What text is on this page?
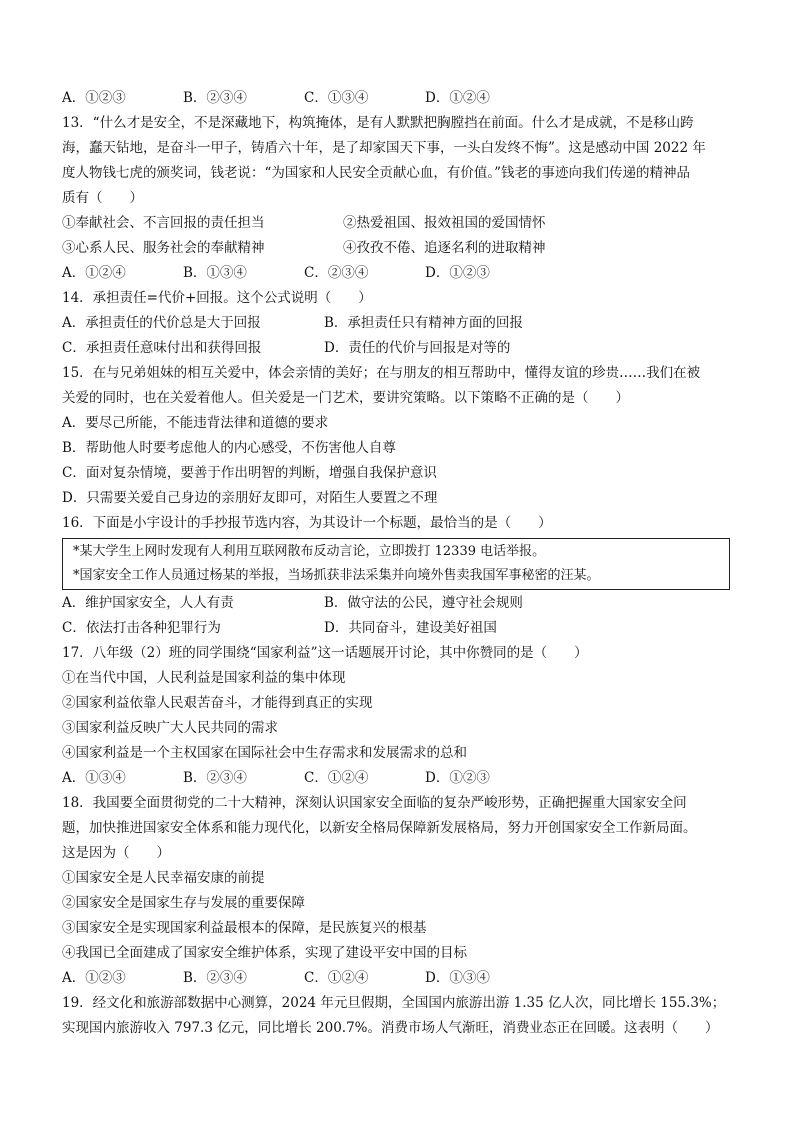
A．①②③	B．②③④	C．①③④	D．①②④
13．“什么才是安全，不是深藏地下，构筑掩体，是有人默默把胸膛挡在前面。什么才是成就，不是移山跨
海，蠢天钻地，是奋斗一甲子，铸盾六十年，是了却家国天下事，一头白发终不悔”。这是感动中国 2022 年
度人物钱七虎的颁奖词，钱老说：“为国家和人民安全贡献心血，有价值。”钱老的事迹向我们传递的精神品
质有（　　）
①奉献社会、不言回报的责任担当	②热爱祖国、报效祖国的爱国情怀
③心系人民、服务社会的奉献精神	④孜孜不倦、追逐名利的进取精神
A．①②④	B．①③④	C．②③④	D．①②③
14．承担责任=代价+回报。这个公式说明（　　）
A．承担责任的代价总是大于回报	B．承担责任只有精神方面的回报
C．承担责任意味付出和获得回报	D．责任的代价与回报是对等的
15．在与兄弟姐妹的相互关爱中，体会亲情的美好；在与朋友的相互帮助中，懂得友谊的珍贵……我们在被
关爱的同时，也在关爱着他人。但关爱是一门艺术，要讲究策略。以下策略不正确的是（　　）
A．要尽己所能，不能违背法律和道德的要求
B．帮助他人时要考虑他人的内心感受，不伤害他人自尊
C．面对复杂情境，要善于作出明智的判断，增强自我保护意识
D．只需要关爱自己身边的亲朋好友即可，对陌生人要置之不理
16．下面是小宇设计的手抄报节选内容，为其设计一个标题，最恰当的是（　　）
*某大学生上网时发现有人利用互联网散布反动言论，立即拨打 12339 电话举报。
*国家安全工作人员通过杨某的举报，当场抓获非法采集并向境外售卖我国军事秘密的汪某。
A．维护国家安全，人人有责	B．做守法的公民，遵守社会规则
C．依法打击各种犯罪行为	D．共同奋斗，建设美好祖国
17．八年级（2）班的同学围绕“国家利益”这一话题展开讨论，其中你赞同的是（　　）
①在当代中国，人民利益是国家利益的集中体现
②国家利益依靠人民艰苦奋斗，才能得到真正的实现
③国家利益反映广大人民共同的需求
④国家利益是一个主权国家在国际社会中生存需求和发展需求的总和
A．①③④	B．②③④	C．①②④	D．①②③
18．我国要全面贯彻党的二十大精神，深刻认识国家安全面临的复杂严峻形势，正确把握重大国家安全问
题，加快推进国家安全体系和能力现代化，以新安全格局保障新发展格局，努力开创国家安全工作新局面。
这是因为（　　）
①国家安全是人民幸福安康的前提
②国家安全是国家生存与发展的重要保障
③国家安全是实现国家利益最根本的保障，是民族复兴的根基
④我国已全面建成了国家安全维护体系，实现了建设平安中国的目标
A．①②③	B．②③④	C．①②④	D．①③④
19．经文化和旅游部数据中心测算，2024 年元旦假期，全国国内旅游出游 1.35 亿人次，同比增长 155.3%；
实现国内旅游收入 797.3 亿元，同比增长 200.7%。消费市场人气渐旺，消费业态正在回暖。这表明（　　）
